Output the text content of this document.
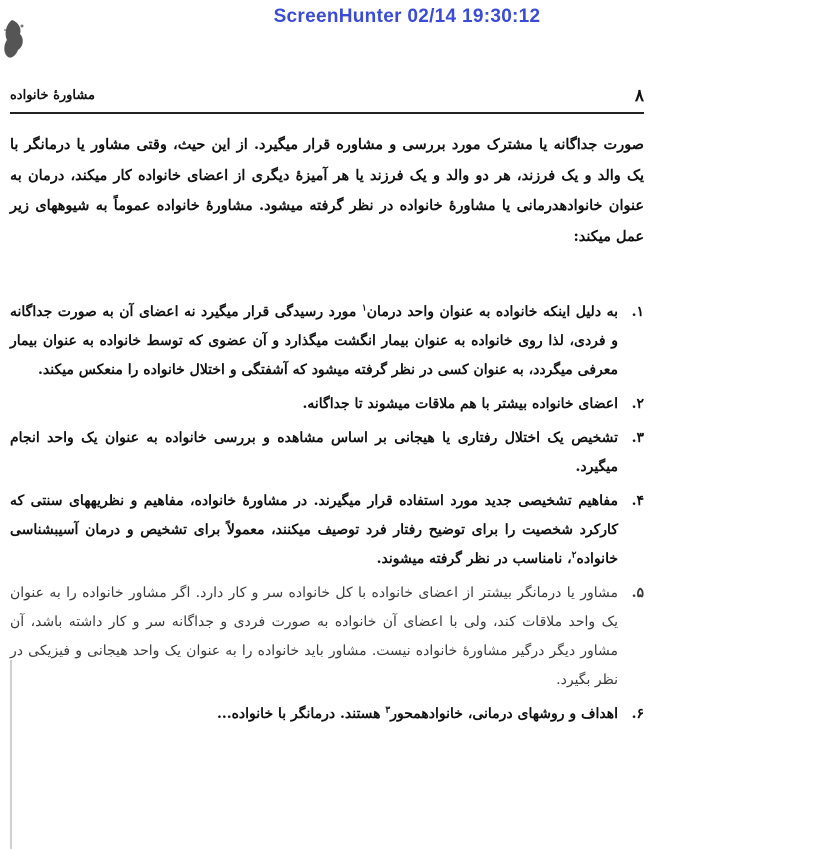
ScreenHunter 02/14 19:30:12
۸
مشاورهٔ خانواده

صورت جداگانه یا مشترک مورد بررسی و مشاوره قرار میگیرد. از این حیث، وقتی مشاور یا درمانگر با یک والد و یک فرزند، هر دو والد و یک فرزند یا هر آمیزهٔ دیگری از اعضای خانواده کار میکند، درمان به عنوان خانوادهدرمانی یا مشاورهٔ خانواده در نظر گرفته میشود. مشاورهٔ خانواده عموماً به شیوههای زیر عمل میکند:

۱.
به دلیل اینکه خانواده به عنوان واحد درمان$^۱$ مورد رسیدگی قرار میگیرد نه اعضای آن به صورت جداگانه و فردی، لذا روی خانواده به عنوان بیمار انگشت میگذارد و آن عضوی که توسط خانواده به عنوان بیمار معرفی میگردد، به عنوان کسی در نظر گرفته میشود که آشفتگی و اختلال خانواده را منعکس میکند.
۲.
اعضای خانواده بیشتر با هم ملاقات میشوند تا جداگانه.
۳.
تشخیص یک اختلال رفتاری یا هیجانی بر اساس مشاهده و بررسی خانواده به عنوان یک واحد انجام میگیرد.
۴.
مفاهیم تشخیصی جدید مورد استفاده قرار میگیرند. در مشاورهٔ خانواده، مفاهیم و نظریههای سنتی که کارکرد شخصیت را برای توضیح رفتار فرد توصیف میکنند، معمولاً برای تشخیص و درمان آسیبشناسی خانواده$^۲$، نامناسب در نظر گرفته میشوند.
۵.
مشاور یا درمانگر بیشتر از اعضای خانواده با کل خانواده سر و کار دارد. اگر مشاور خانواده را به عنوان یک واحد ملاقات کند، ولی با اعضای آن خانواده به صورت فردی و جداگانه سر و کار داشته باشد، آن مشاور دیگر درگیر مشاورهٔ خانواده نیست. مشاور باید خانواده را به عنوان یک واحد هیجانی و فیزیکی در نظر بگیرد.
۶.
اهداف و روشهای درمانی، خانوادهمحور$^۳$ هستند. درمانگر با خانواده...
